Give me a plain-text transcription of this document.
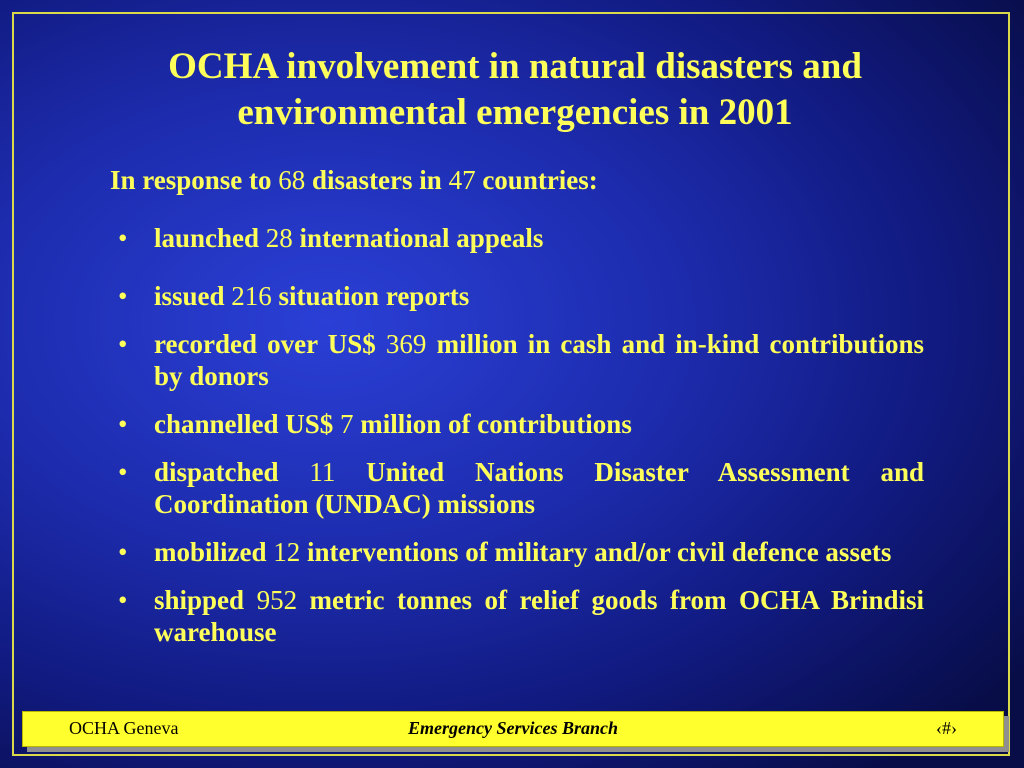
OCHA involvement in natural disasters and
environmental emergencies in 2001
In response to 68 disasters in 47 countries:
• launched 28 international appeals
• issued 216 situation reports
• recorded over US$ 369 million in cash and in-kind contributions by donors
• channelled US$ 7 million of contributions
• dispatched 11 United Nations Disaster Assessment and Coordination (UNDAC) missions
• mobilized 12 interventions of military and/or civil defence assets
• shipped 952 metric tonnes of relief goods from OCHA Brindisi warehouse
OCHA Geneva	Emergency Services Branch	‹#›
